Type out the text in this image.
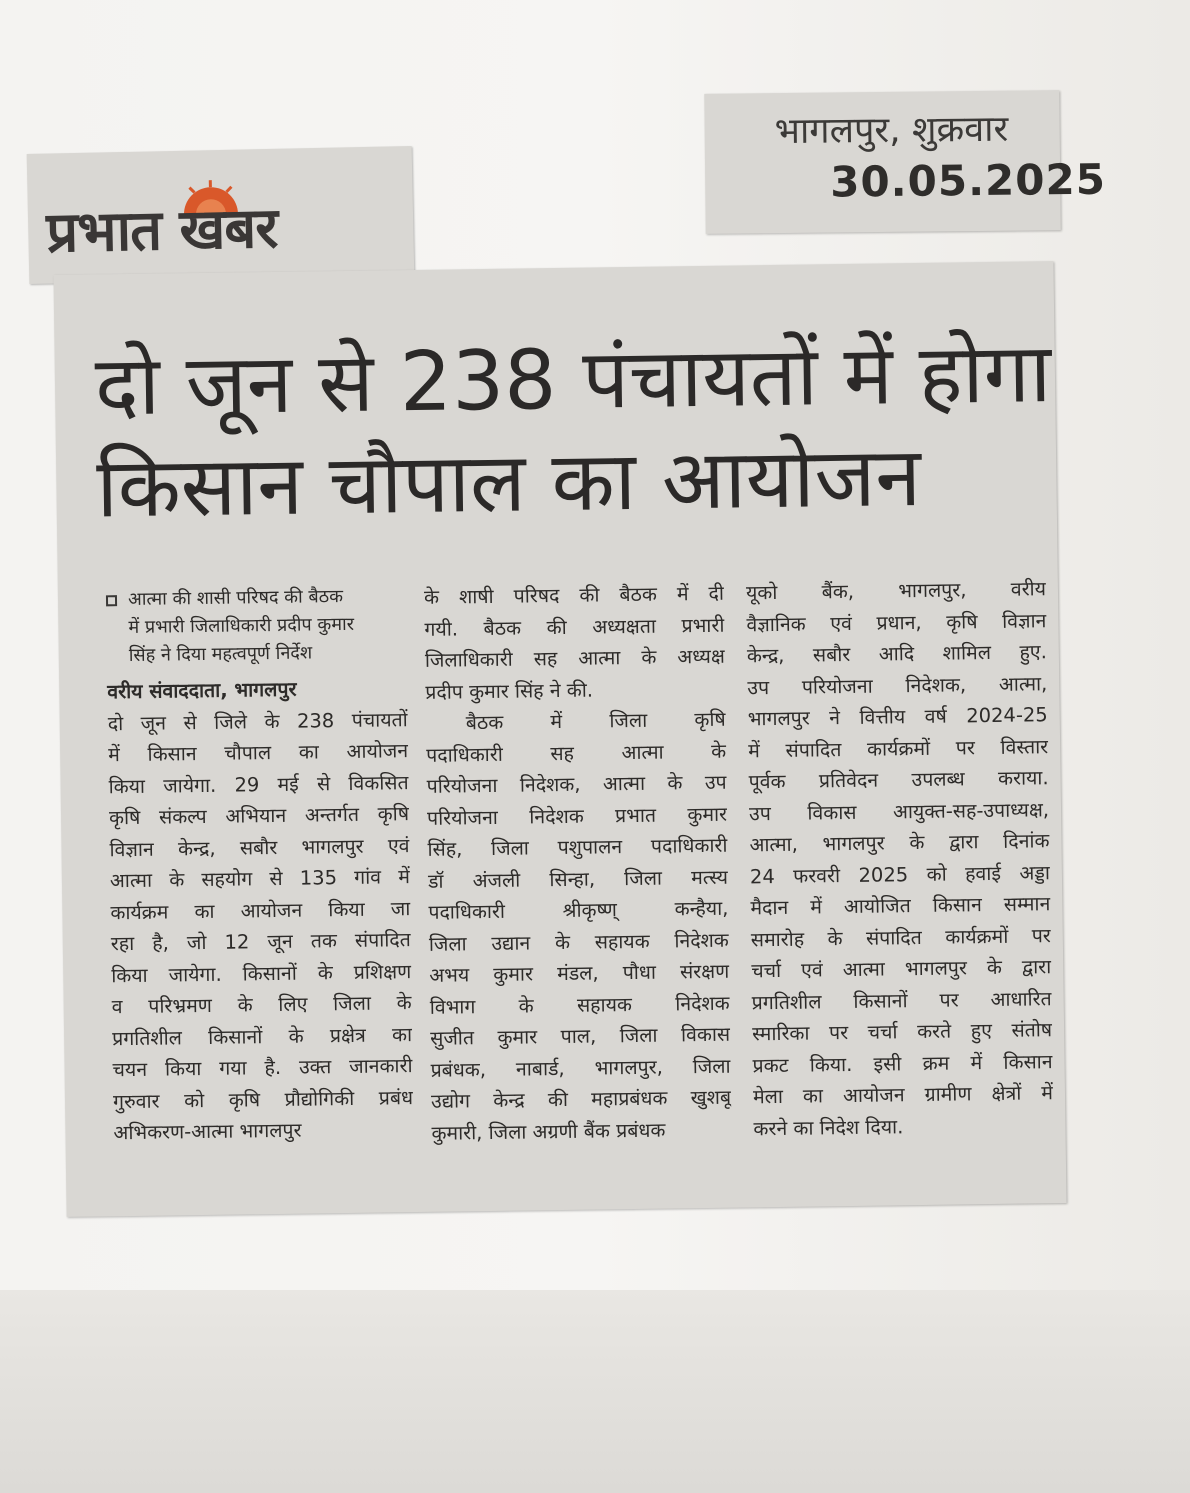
प्रभात खबर
भागलपुर, शुक्रवार
30.05.2025
दो जून से 238 पंचायतों में होगा
किसान चौपाल का आयोजन
आत्मा की शासी परिषद की बैठक
में प्रभारी जिलाधिकारी प्रदीप कुमार
सिंह ने दिया महत्वपूर्ण निर्देश
वरीय संवाददाता, भागलपुर
दो जून से जिले के 238 पंचायतों
में किसान चौपाल का आयोजन
किया जायेगा. 29 मई से विकसित
कृषि संकल्प अभियान अन्तर्गत कृषि
विज्ञान केन्द्र, सबौर भागलपुर एवं
आत्मा के सहयोग से 135 गांव में
कार्यक्रम का आयोजन किया जा
रहा है, जो 12 जून तक संपादित
किया जायेगा. किसानों के प्रशिक्षण
व परिभ्रमण के लिए जिला के
प्रगतिशील किसानों के प्रक्षेत्र का
चयन किया गया है. उक्त जानकारी
गुरुवार को कृषि प्रौद्योगिकी प्रबंध
अभिकरण-आत्मा भागलपुर
के शाषी परिषद की बैठक में दी
गयी. बैठक की अध्यक्षता प्रभारी
जिलाधिकारी सह आत्मा के अध्यक्ष
प्रदीप कुमार सिंह ने की.
बैठक में जिला कृषि
पदाधिकारी सह आत्मा के
परियोजना निदेशक, आत्मा के उप
परियोजना निदेशक प्रभात कुमार
सिंह, जिला पशुपालन पदाधिकारी
डॉ अंजली सिन्हा, जिला मत्स्य
पदाधिकारी श्रीकृष्ण् कन्हैया,
जिला उद्यान के सहायक निदेशक
अभय कुमार मंडल, पौधा संरक्षण
विभाग के सहायक निदेशक
सुजीत कुमार पाल, जिला विकास
प्रबंधक, नाबार्ड, भागलपुर, जिला
उद्योग केन्द्र की महाप्रबंधक खुशबू
कुमारी, जिला अग्रणी बैंक प्रबंधक
यूको बैंक, भागलपुर, वरीय
वैज्ञानिक एवं प्रधान, कृषि विज्ञान
केन्द्र, सबौर आदि शामिल हुए.
उप परियोजना निदेशक, आत्मा,
भागलपुर ने वित्तीय वर्ष 2024-25
में संपादित कार्यक्रमों पर विस्तार
पूर्वक प्रतिवेदन उपलब्ध कराया.
उप विकास आयुक्त-सह-उपाध्यक्ष,
आत्मा, भागलपुर के द्वारा दिनांक
24 फरवरी 2025 को हवाई अड्डा
मैदान में आयोजित किसान सम्मान
समारोह के संपादित कार्यक्रमों पर
चर्चा एवं आत्मा भागलपुर के द्वारा
प्रगतिशील किसानों पर आधारित
स्मारिका पर चर्चा करते हुए संतोष
प्रकट किया. इसी क्रम में किसान
मेला का आयोजन ग्रामीण क्षेत्रों में
करने का निदेश दिया.
